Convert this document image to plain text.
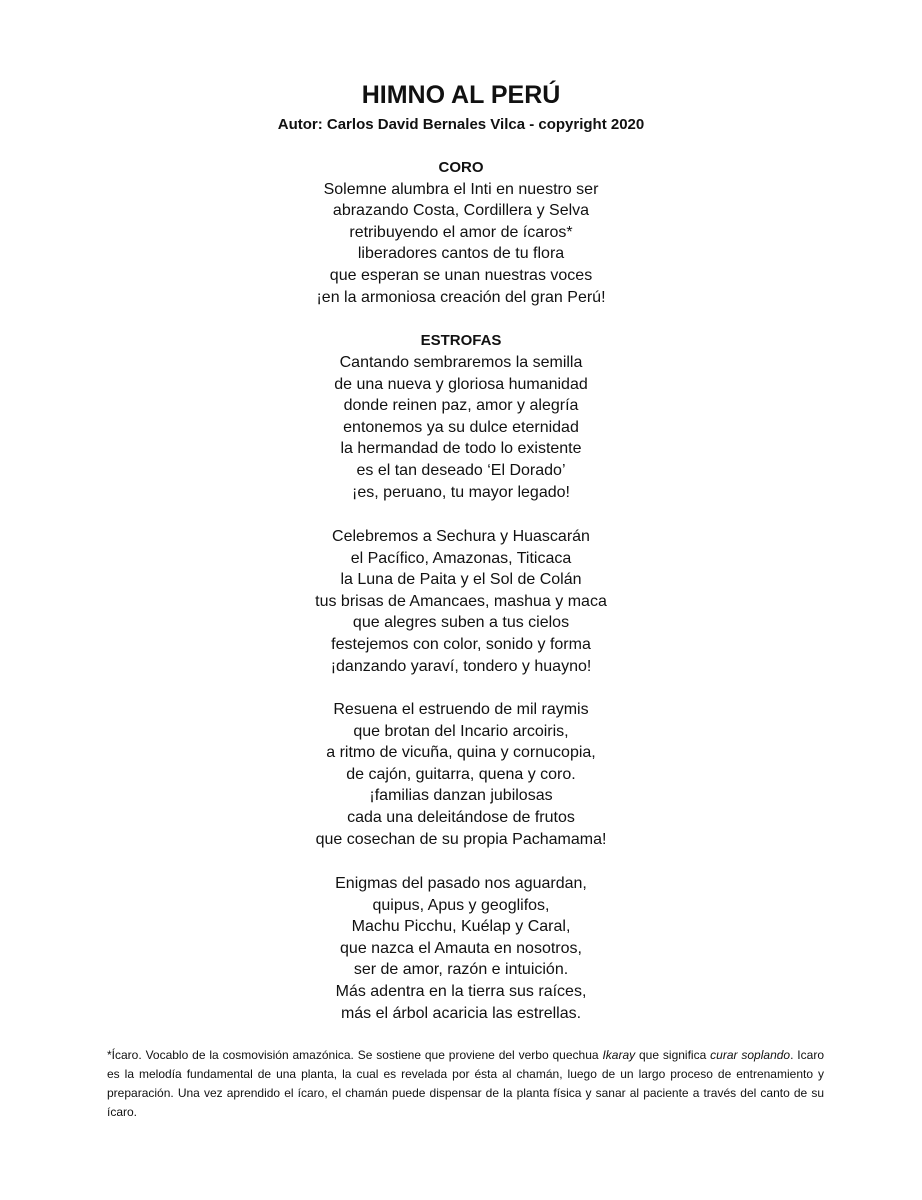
HIMNO AL PERÚ
Autor: Carlos David Bernales Vilca - copyright 2020
CORO
Solemne alumbra el Inti en nuestro ser
abrazando Costa, Cordillera y Selva
retribuyendo el amor de ícaros*
liberadores cantos de tu flora
que esperan se unan nuestras voces
¡en la armoniosa creación del gran Perú!
ESTROFAS
Cantando sembraremos la semilla
de una nueva y gloriosa humanidad
donde reinen paz, amor y alegría
entonemos ya su dulce eternidad
la hermandad de todo lo existente
es el tan deseado ‘El Dorado’
¡es, peruano, tu mayor legado!
Celebremos a Sechura y Huascarán
el Pacífico, Amazonas, Titicaca
la Luna de Paita y el Sol de Colán
tus brisas de Amancaes, mashua y maca
que alegres suben a tus cielos
festejemos con color, sonido y forma
¡danzando yaraví, tondero y huayno!
Resuena el estruendo de mil raymis
que brotan del Incario arcoiris,
a ritmo de vicuña, quina y cornucopia,
de cajón, guitarra, quena y coro.
¡familias danzan jubilosas
cada una deleitándose de frutos
que cosechan de su propia Pachamama!
Enigmas del pasado nos aguardan,
quipus, Apus y geoglifos,
Machu Picchu, Kuélap y Caral,
que nazca el Amauta en nosotros,
ser de amor, razón e intuición.
Más adentra en la tierra sus raíces,
más el árbol acaricia las estrellas.
*Ícaro. Vocablo de la cosmovisión amazónica. Se sostiene que proviene del verbo quechua Ikaray que significa curar soplando. Icaro es la melodía fundamental de una planta, la cual es revelada por ésta al chamán, luego de un largo proceso de entrenamiento y preparación. Una vez aprendido el ícaro, el chamán puede dispensar de la planta física y sanar al paciente a través del canto de su ícaro.
